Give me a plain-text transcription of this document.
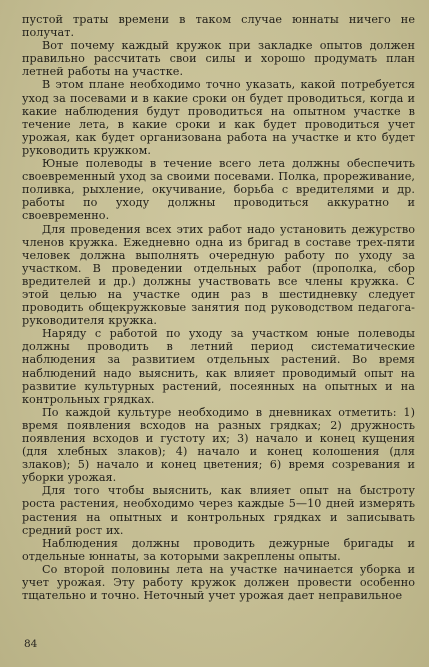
пустой траты времени в таком случае юннаты ничего не получат.

Вот почему каждый кружок при закладке опытов должен правильно рассчитать свои силы и хорошо продумать план летней работы на участке.

В этом плане необходимо точно указать, какой потребуется уход за посевами и в какие сроки он будет проводиться, когда и какие наблюдения будут проводиться на опытном участке в течение лета, в какие сроки и как будет проводиться учет урожая, как будет организована работа на участке и кто будет руководить кружком.

Юные полеводы в течение всего лета должны обеспечить своевременный уход за своими посевами. Полка, прореживание, поливка, рыхление, окучивание, борьба с вредителями и др. работы по уходу должны проводиться аккуратно и своевременно.

Для проведения всех этих работ надо установить дежурство членов кружка. Ежедневно одна из бригад в составе трех-пяти человек должна выполнять очередную работу по уходу за участком. В проведении отдельных работ (прополка, сбор вредителей и др.) должны участвовать все члены кружка. С этой целью на участке один раз в шестидневку следует проводить общекружковые занятия под руководством педагога-руководителя кружка.

Наряду с работой по уходу за участком юные полеводы должны проводить в летний период систематические наблюдения за развитием отдельных растений. Во время наблюдений надо выяснить, как влияет проводимый опыт на развитие культурных растений, посеянных на опытных и на контрольных грядках.

По каждой культуре необходимо в дневниках отметить: 1) время появления всходов на разных грядках; 2) дружность появления всходов и густоту их; 3) начало и конец кущения (для хлебных злаков); 4) начало и конец колошения (для злаков); 5) начало и конец цветения; 6) время созревания и уборки урожая.

Для того чтобы выяснить, как влияет опыт на быстроту роста растения, необходимо через каждые 5—10 дней измерять растения на опытных и контрольных грядках и записывать средний рост их.

Наблюдения должны проводить дежурные бригады и отдельные юннаты, за которыми закреплены опыты.

Со второй половины лета на участке начинается уборка и учет урожая. Эту работу кружок должен провести особенно тщательно и точно. Неточный учет урожая дает неправильное

84
